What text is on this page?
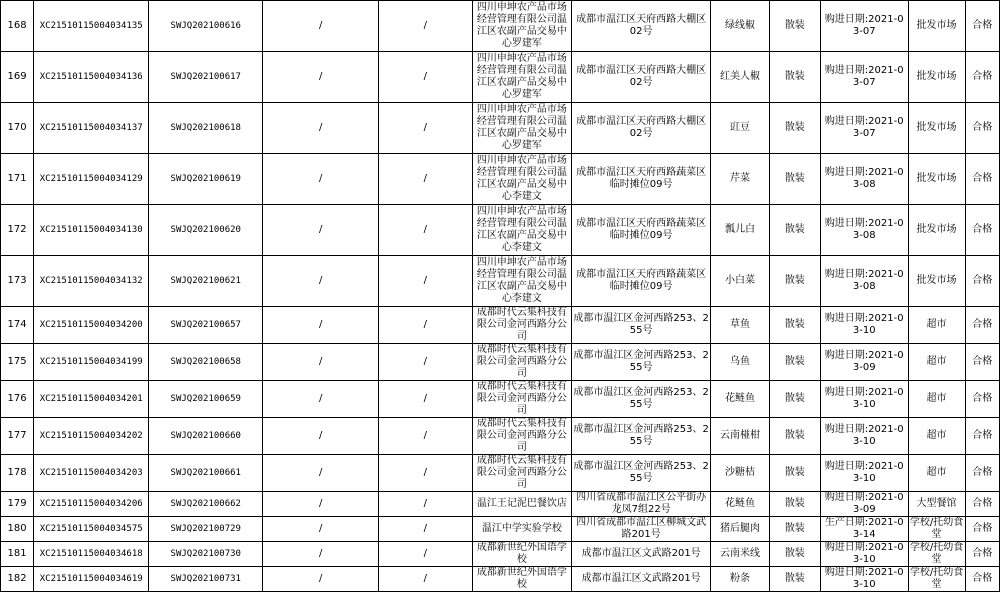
168	XC21510115004034135	SWJQ202100616	/	/	四川申坤农产品市场经营管理有限公司温江区农副产品交易中心罗建军	成都市温江区天府西路大棚区02号	绿线椒	散装	购进日期:2021-03-07	批发市场	合格
169	XC21510115004034136	SWJQ202100617	/	/	四川申坤农产品市场经营管理有限公司温江区农副产品交易中心罗建军	成都市温江区天府西路大棚区02号	红美人椒	散装	购进日期:2021-03-07	批发市场	合格
170	XC21510115004034137	SWJQ202100618	/	/	四川申坤农产品市场经营管理有限公司温江区农副产品交易中心罗建军	成都市温江区天府西路大棚区02号	豇豆	散装	购进日期:2021-03-07	批发市场	合格
171	XC21510115004034129	SWJQ202100619	/	/	四川申坤农产品市场经营管理有限公司温江区农副产品交易中心李建文	成都市温江区天府西路蔬菜区临时摊位09号	芹菜	散装	购进日期:2021-03-08	批发市场	合格
172	XC21510115004034130	SWJQ202100620	/	/	四川申坤农产品市场经营管理有限公司温江区农副产品交易中心李建文	成都市温江区天府西路蔬菜区临时摊位09号	瓢儿白	散装	购进日期:2021-03-08	批发市场	合格
173	XC21510115004034132	SWJQ202100621	/	/	四川申坤农产品市场经营管理有限公司温江区农副产品交易中心李建文	成都市温江区天府西路蔬菜区临时摊位09号	小白菜	散装	购进日期:2021-03-08	批发市场	合格
174	XC21510115004034200	SWJQ202100657	/	/	成都时代云集科技有限公司金河西路分公司	成都市温江区金河西路253、255号	草鱼	散装	购进日期:2021-03-10	超市	合格
175	XC21510115004034199	SWJQ202100658	/	/	成都时代云集科技有限公司金河西路分公司	成都市温江区金河西路253、255号	乌鱼	散装	购进日期:2021-03-09	超市	合格
176	XC21510115004034201	SWJQ202100659	/	/	成都时代云集科技有限公司金河西路分公司	成都市温江区金河西路253、255号	花鲢鱼	散装	购进日期:2021-03-10	超市	合格
177	XC21510115004034202	SWJQ202100660	/	/	成都时代云集科技有限公司金河西路分公司	成都市温江区金河西路253、255号	云南椪柑	散装	购进日期:2021-03-10	超市	合格
178	XC21510115004034203	SWJQ202100661	/	/	成都时代云集科技有限公司金河西路分公司	成都市温江区金河西路253、255号	沙糖桔	散装	购进日期:2021-03-10	超市	合格
179	XC21510115004034206	SWJQ202100662	/	/	温江王记泥巴餐饮店	四川省成都市温江区公平街办龙凤7组22号	花鲢鱼	散装	购进日期:2021-03-09	大型餐馆	合格
180	XC21510115004034575	SWJQ202100729	/	/	温江中学实验学校	四川省成都市温江区柳城文武路201号	猪后腿肉	散装	生产日期:2021-03-14	学校/托幼食堂	合格
181	XC21510115004034618	SWJQ202100730	/	/	成都新世纪外国语学校	成都市温江区文武路201号	云南米线	散装	购进日期:2021-03-10	学校/托幼食堂	合格
182	XC21510115004034619	SWJQ202100731	/	/	成都新世纪外国语学校	成都市温江区文武路201号	粉条	散装	购进日期:2021-03-10	学校/托幼食堂	合格
